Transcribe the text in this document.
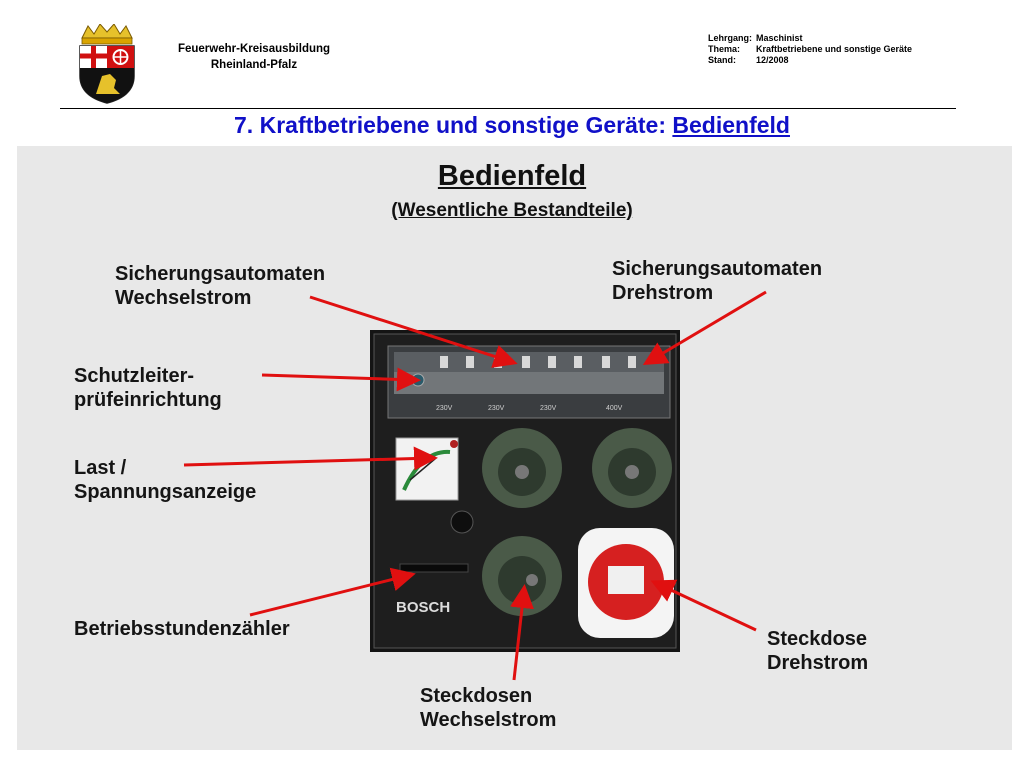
Feuerwehr-Kreisausbildung
Rheinland-Pfalz
Lehrgang: Maschinist
Thema:	Kraftbetriebene und sonstige Geräte
Stand:	12/2008
7. Kraftbetriebene und sonstige Geräte: Bedienfeld
Bedienfeld
(Wesentliche Bestandteile)
230V	230V	230V	400V
BOSCH
Sicherungsautomaten
Wechselstrom
Sicherungsautomaten
Drehstrom
Schutzleiter-
prüfeinrichtung
Last /
Spannungsanzeige
Betriebsstundenzähler	Steckdose
Drehstrom
Steckdosen
Wechselstrom
